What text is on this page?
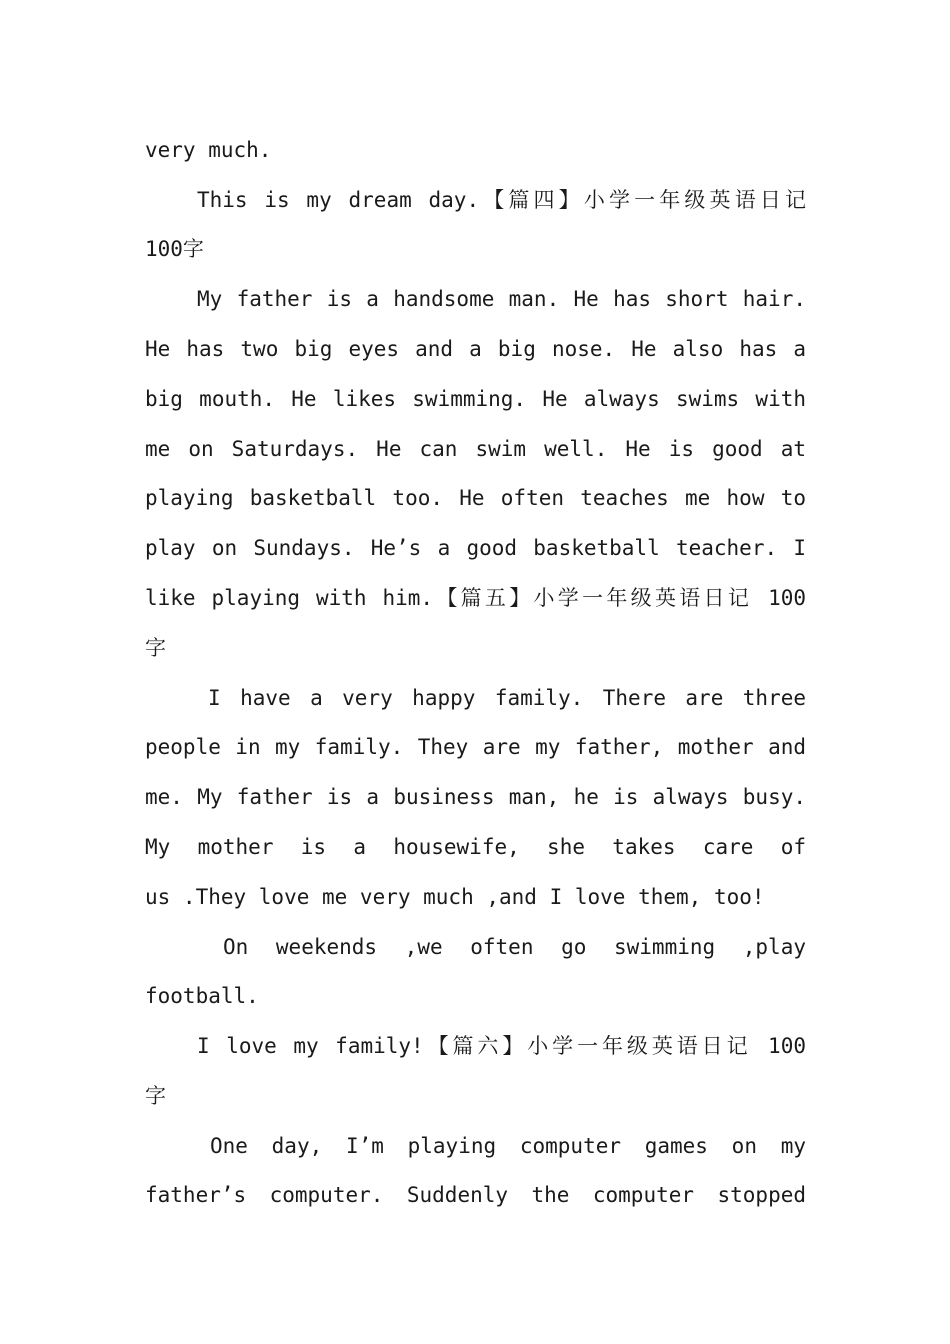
very much.
This is my dream day.【篇四】小学一年级英语日记
100字
My father is a handsome man. He has short hair.
He has two big eyes and a big nose. He also has a
big mouth. He likes swimming. He always swims with
me on Saturdays. He can swim well. He is good at
playing basketball too. He often teaches me how to
play on Sundays. He’s a good basketball teacher. I
like playing with him.【篇五】小学一年级英语日记 100
字
I have a very happy family. There are three
people in my family. They are my father, mother and
me. My father is a business man, he is always busy.
My mother is a housewife, she takes care of
us .They love me very much ,and I love them, too!
On weekends ,we often go swimming ,play
football.
I love my family!【篇六】小学一年级英语日记 100
字
One day, I’m playing computer games on my
father’s computer. Suddenly the computer stopped
